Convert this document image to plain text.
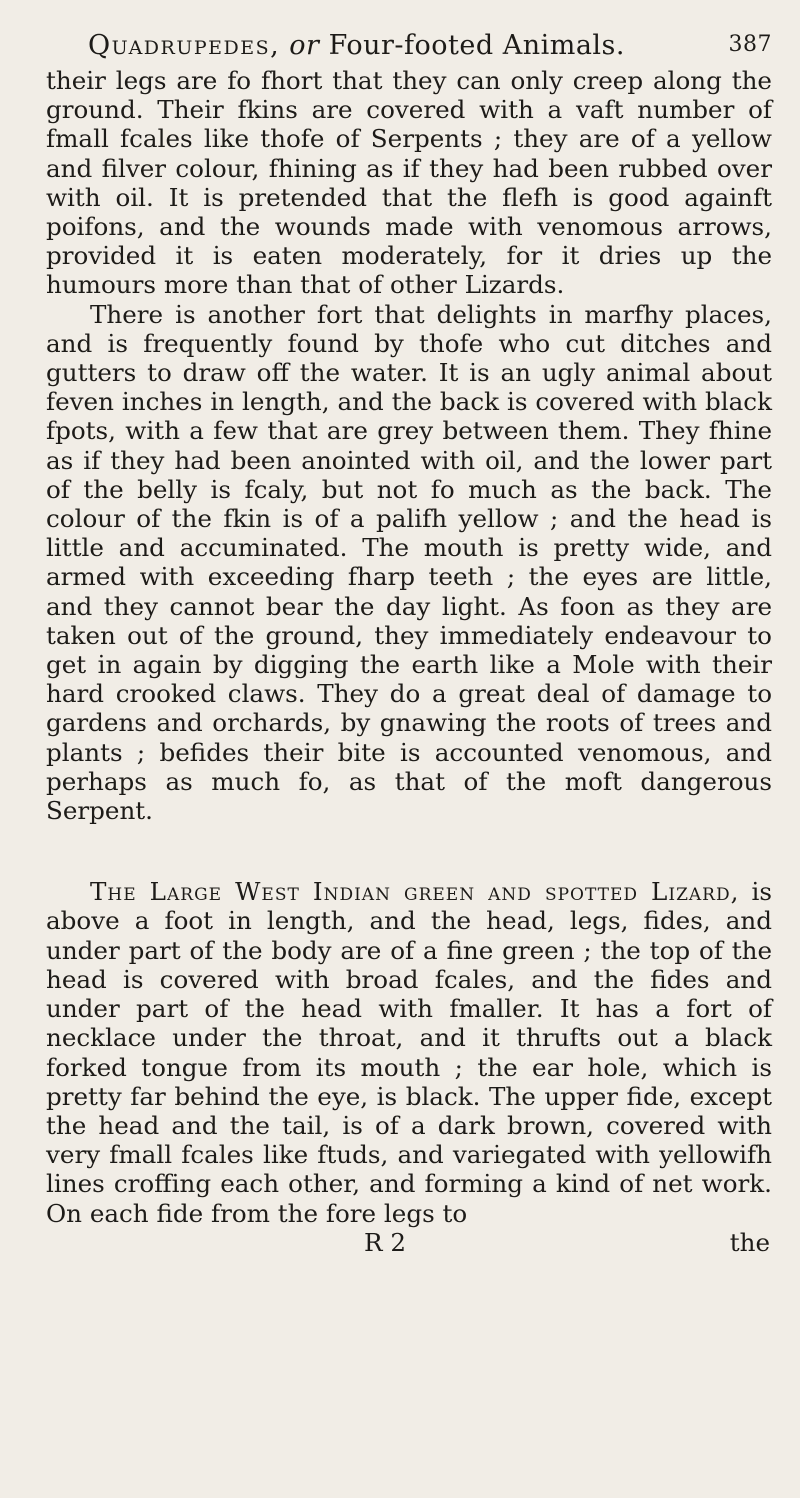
Quadrupedes, or Four-footed Animals.	387

their legs are fo fhort that they can only creep along the ground. Their fkins are covered with a vaft number of fmall fcales like thofe of Serpents ; they are of a yellow and filver colour, fhining as if they had been rubbed over with oil. It is pretended that the flefh is good againft poifons, and the wounds made with venomous arrows, provided it is eaten moderately, for it dries up the humours more than that of other Lizards.

There is another fort that delights in marfhy places, and is frequently found by thofe who cut ditches and gutters to draw off the water. It is an ugly animal about feven inches in length, and the back is covered with black fpots, with a few that are grey between them. They fhine as if they had been anointed with oil, and the lower part of the belly is fcaly, but not fo much as the back. The colour of the fkin is of a palifh yellow ; and the head is little and accuminated. The mouth is pretty wide, and armed with exceeding fharp teeth ; the eyes are little, and they cannot bear the day light. As foon as they are taken out of the ground, they immediately endeavour to get in again by digging the earth like a Mole with their hard crooked claws. They do a great deal of damage to gardens and orchards, by gnawing the roots of trees and plants ; befides their bite is accounted venomous, and perhaps as much fo, as that of the moft dangerous Serpent.

The Large West Indian green and spotted Lizard, is above a foot in length, and the head, legs, fides, and under part of the body are of a fine green ; the top of the head is covered with broad fcales, and the fides and under part of the head with fmaller. It has a fort of necklace under the throat, and it thrufts out a black forked tongue from its mouth ; the ear hole, which is pretty far behind the eye, is black. The upper fide, except the head and the tail, is of a dark brown, covered with very fmall fcales like ftuds, and variegated with yellowifh lines croffing each other, and forming a kind of net work. On each fide from the fore legs to

R 2	the
